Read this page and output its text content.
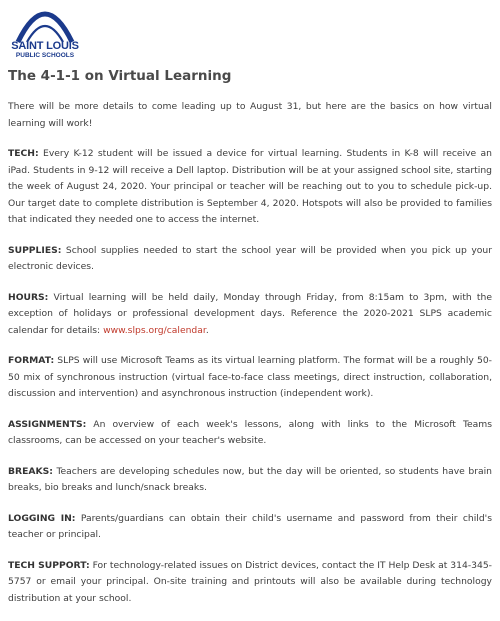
SAINT LOUIS
PUBLIC SCHOOLS
The 4-1-1 on Virtual Learning

There will be more details to come leading up to August 31, but here are the basics on how virtual learning will work!

TECH: Every K-12 student will be issued a device for virtual learning. Students in K-8 will receive an iPad. Students in 9-12 will receive a Dell laptop. Distribution will be at your assigned school site, starting the week of August 24, 2020. Your principal or teacher will be reaching out to you to schedule pick-up. Our target date to complete distribution is September 4, 2020. Hotspots will also be provided to families that indicated they needed one to access the internet.

SUPPLIES: School supplies needed to start the school year will be provided when you pick up your electronic devices.

HOURS: Virtual learning will be held daily, Monday through Friday, from 8:15am to 3pm, with the exception of holidays or professional development days. Reference the 2020-2021 SLPS academic calendar for details: www.slps.org/calendar.

FORMAT: SLPS will use Microsoft Teams as its virtual learning platform. The format will be a roughly 50-50 mix of synchronous instruction (virtual face-to-face class meetings, direct instruction, collaboration, discussion and intervention) and asynchronous instruction (independent work).

ASSIGNMENTS: An overview of each week's lessons, along with links to the Microsoft Teams classrooms, can be accessed on your teacher's website.

BREAKS: Teachers are developing schedules now, but the day will be oriented, so students have brain breaks, bio breaks and lunch/snack breaks.

LOGGING IN: Parents/guardians can obtain their child's username and password from their child's teacher or principal.

TECH SUPPORT: For technology-related issues on District devices, contact the IT Help Desk at 314-345-5757 or email your principal. On-site training and printouts will also be available during technology distribution at your school.
